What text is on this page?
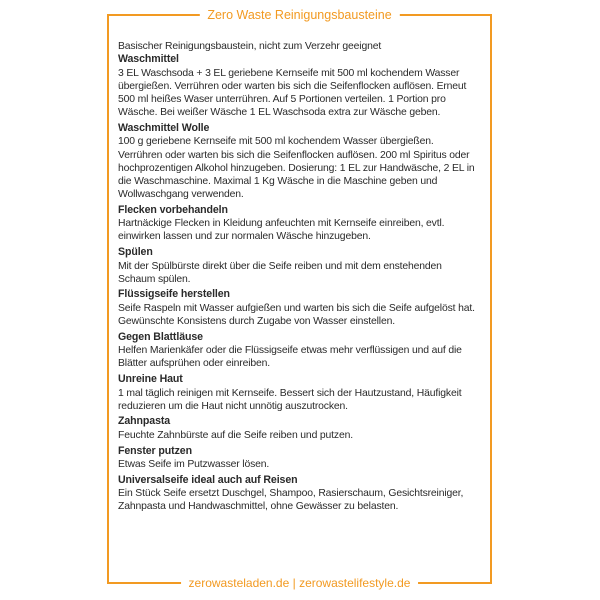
Zero Waste Reinigungsbausteine

Basischer Reinigungsbaustein, nicht zum Verzehr geeignet

Waschmittel

3 EL Waschsoda + 3 EL geriebene Kernseife mit 500 ml kochendem Wasser übergießen. Verrühren oder warten bis sich die Seifenflocken auflösen. Erneut 500 ml heißes Waser unterrühren. Auf 5 Portionen verteilen. 1 Portion pro Wäsche. Bei weißer Wäsche 1 EL Waschsoda extra zur Wäsche geben.

Waschmittel Wolle

100 g geriebene Kernseife mit 500 ml kochendem Wasser übergießen. Verrühren oder warten bis sich die Seifenflocken auflösen. 200 ml Spiritus oder hochprozentigen Alkohol hinzugeben. Dosierung: 1 EL zur Handwäsche, 2 EL in die Waschmaschine. Maximal 1 Kg Wäsche in die Maschine geben und Wollwaschgang verwenden.

Flecken vorbehandeln

Hartnäckige Flecken in Kleidung anfeuchten mit Kernseife einreiben, evtl. einwirken lassen und zur normalen Wäsche hinzugeben.

Spülen

Mit der Spülbürste direkt über die Seife reiben und mit dem enstehenden Schaum spülen.

Flüssigseife herstellen

Seife Raspeln mit Wasser aufgießen und warten bis sich die Seife aufgelöst hat. Gewünschte Konsistens durch Zugabe von Wasser einstellen.

Gegen Blattläuse

Helfen Marienkäfer oder die Flüssigseife etwas mehr verflüssigen und auf die Blätter aufsprühen oder einreiben.

Unreine Haut

1 mal täglich reinigen mit Kernseife. Bessert sich der Hautzustand, Häufigkeit reduzieren um die Haut nicht unnötig auszutrocken.

Zahnpasta

Feuchte Zahnbürste auf die Seife reiben und putzen.

Fenster putzen

Etwas Seife im Putzwasser lösen.

Universalseife ideal auch auf Reisen

Ein Stück Seife ersetzt Duschgel, Shampoo, Rasierschaum, Gesichtsreiniger, Zahnpasta und Handwaschmittel, ohne Gewässer zu belasten.

zerowasteladen.de | zerowastelifestyle.de
